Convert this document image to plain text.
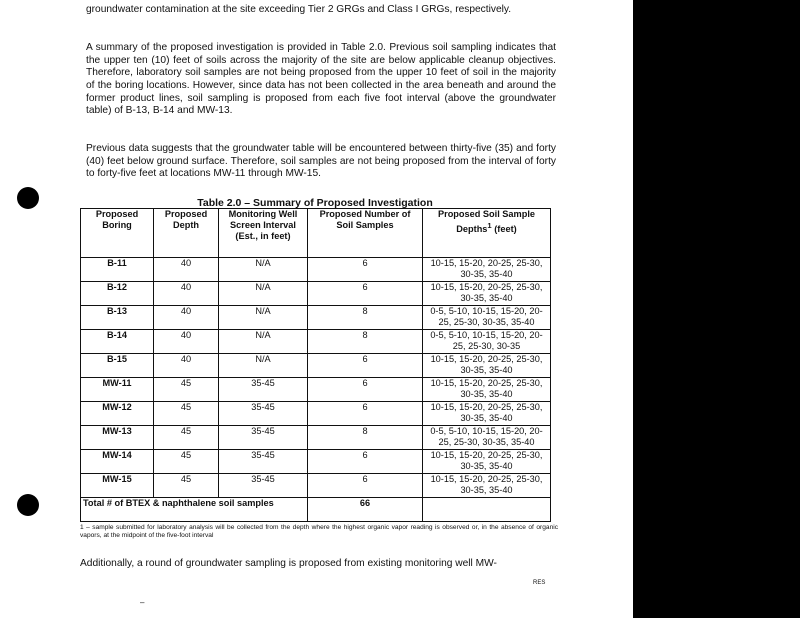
groundwater contamination at the site exceeding Tier 2 GRGs and Class I GRGs, respectively.

A summary of the proposed investigation is provided in Table 2.0. Previous soil sampling indicates that the upper ten (10) feet of soils across the majority of the site are below applicable cleanup objectives. Therefore, laboratory soil samples are not being proposed from the upper 10 feet of soil in the majority of the boring locations. However, since data has not been collected in the area beneath and around the former product lines, soil sampling is proposed from each five foot interval (above the groundwater table) of B-13, B-14 and MW-13.

Previous data suggests that the groundwater table will be encountered between thirty-five (35) and forty (40) feet below ground surface. Therefore, soil samples are not being proposed from the interval of forty to forty-five feet at locations MW-11 through MW-15.

Table 2.0 – Summary of Proposed Investigation
Proposed Boring	Proposed Depth	Monitoring Well Screen Interval (Est., in feet)	Proposed Number of Soil Samples	Proposed Soil Sample Depths$^1$ (feet)
B-11	40	N/A	6	10-15, 15-20, 20-25, 25-30, 30-35, 35-40
B-12	40	N/A	6	10-15, 15-20, 20-25, 25-30, 30-35, 35-40
B-13	40	N/A	8	0-5, 5-10, 10-15, 15-20, 20-25, 25-30, 30-35, 35-40
B-14	40	N/A	8	0-5, 5-10, 10-15, 15-20, 20-25, 25-30, 30-35
B-15	40	N/A	6	10-15, 15-20, 20-25, 25-30, 30-35, 35-40
MW-11	45	35-45	6	10-15, 15-20, 20-25, 25-30, 30-35, 35-40
MW-12	45	35-45	6	10-15, 15-20, 20-25, 25-30, 30-35, 35-40
MW-13	45	35-45	8	0-5, 5-10, 10-15, 15-20, 20-25, 25-30, 30-35, 35-40
MW-14	45	35-45	6	10-15, 15-20, 20-25, 25-30, 30-35, 35-40
MW-15	45	35-45	6	10-15, 15-20, 20-25, 25-30, 30-35, 35-40
Total # of BTEX & naphthalene soil samples			66	

1 – sample submitted for laboratory analysis will be collected from the depth where the highest organic vapor reading is observed or, in the absence of organic vapors, at the midpoint of the five-foot interval

Additionally, a round of groundwater sampling is proposed from existing monitoring well MW-

RES
–
